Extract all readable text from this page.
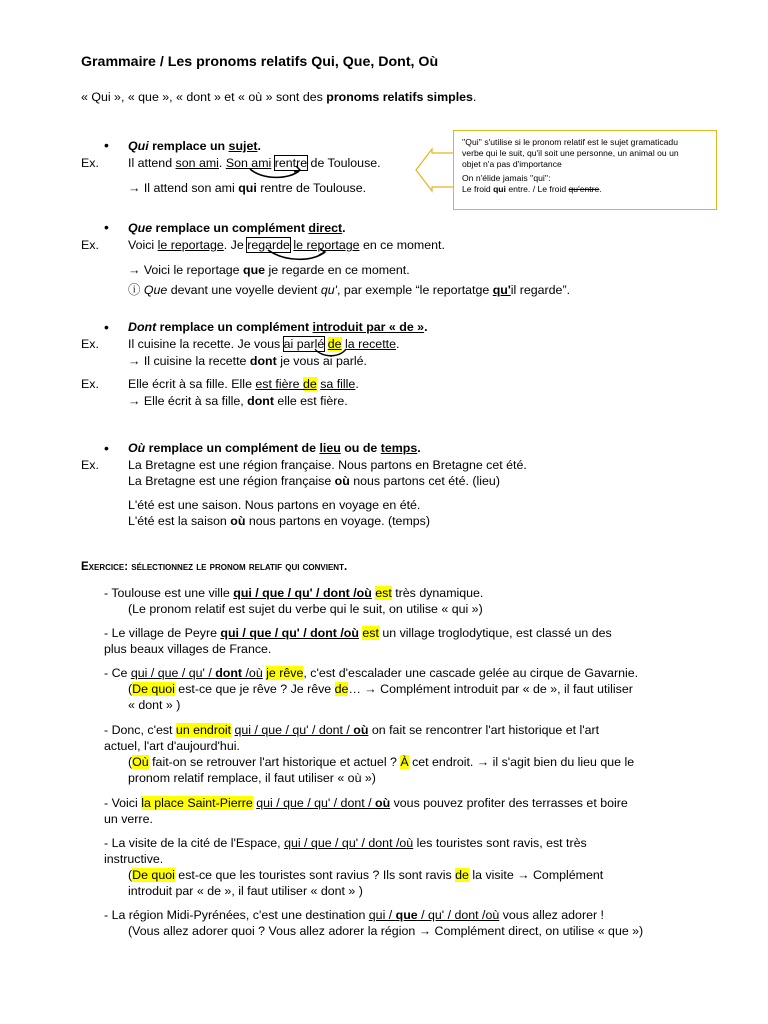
Grammaire / Les pronoms relatifs Qui, Que, Dont, Où
« Qui », « que », « dont » et « où » sont des pronoms relatifs simples.
''Qui'' s'utilise si le pronom relatif est le sujet gramaticadu
verbe qui le suit, qu'il soit une personne, un animal ou un
objet n'a pas d'importance
On n'élide jamais ''qui'':
Le froid qui entre. / Le froid qu'entre.
• Qui remplace un sujet.
Ex. Il attend son ami. Son ami rentre de Toulouse.
→ Il attend son ami qui rentre de Toulouse.
• Que remplace un complément direct.
Ex. Voici le reportage. Je regarde le reportage en ce moment.
→ Voici le reportage que je regarde en ce moment.
ⓘ Que devant une voyelle devient qu', par exemple “le reportatge qu'il regarde”.
• Dont remplace un complément introduit par « de ».
Ex. Il cuisine la recette. Je vous ai parlé de la recette.
→ Il cuisine la recette dont je vous ai parlé.
Ex. Elle écrit à sa fille. Elle est fière de sa fille.
→ Elle écrit à sa fille, dont elle est fière.
• Où remplace un complément de lieu ou de temps.
Ex. La Bretagne est une région française. Nous partons en Bretagne cet été.
La Bretagne est une région française où nous partons cet été. (lieu)
L'été est une saison. Nous partons en voyage en été.
L'été est la saison où nous partons en voyage. (temps)
Exercice: sélectionnez le pronom relatif qui convient.
- Toulouse est une ville qui / que / qu' / dont /où est très dynamique.
(Le pronom relatif est sujet du verbe qui le suit, on utilise « qui »)
- Le village de Peyre qui / que / qu' / dont /où est un village troglodytique, est classé un des
plus beaux villages de France.
- Ce qui / que / qu' / dont /où je rêve, c'est d'escalader une cascade gelée au cirque de Gavarnie.
(De quoi est-ce que je rêve ? Je rêve de… → Complément introduit par « de », il faut utiliser
« dont » )
- Donc, c'est un endroit qui / que / qu' / dont / où on fait se rencontrer l'art historique et l'art
actuel, l'art d'aujourd'hui.
(Où fait-on se retrouver l'art historique et actuel ? À cet endroit. → il s'agit bien du lieu que le
pronom relatif remplace, il faut utiliser « où »)
- Voici la place Saint-Pierre qui / que / qu' / dont / où vous pouvez profiter des terrasses et boire
un verre.
- La visite de la cité de l'Espace, qui / que / qu' / dont /où les touristes sont ravis, est très
instructive.
(De quoi est-ce que les touristes sont ravius ? Ils sont ravis de la visite → Complément
introduit par « de », il faut utiliser « dont » )
- La région Midi-Pyrénées, c'est une destination qui / que / qu' / dont /où vous allez adorer !
(Vous allez adorer quoi ? Vous allez adorer la région → Complément direct, on utilise « que »)
